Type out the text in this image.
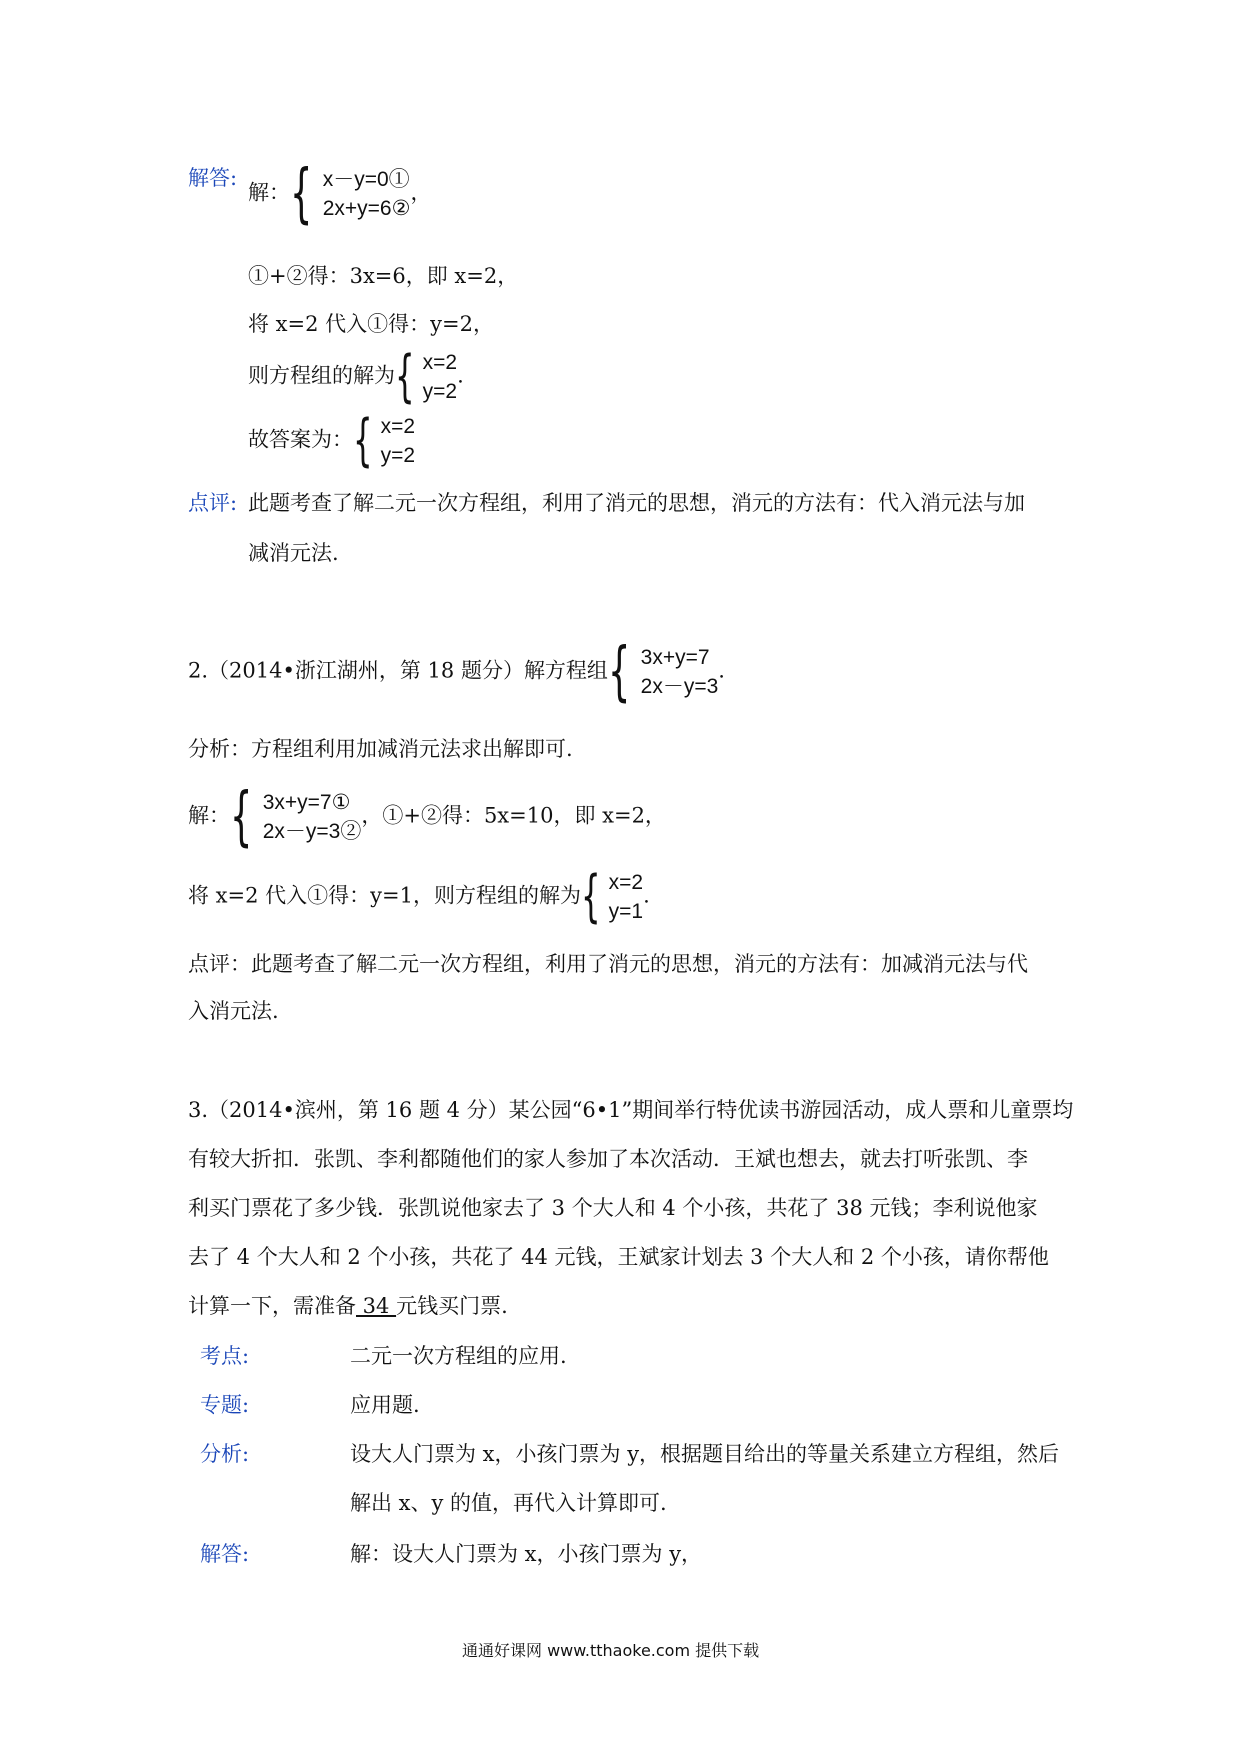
解答:
解： { x－y=0①
2x+y=6②
，
①+②得：3x=6，即 x=2，
将 x=2 代入①得：y=2，
则方程组的解为 { x=2
y=2
.
故答案为： { x=2
y=2
点评: 此题考查了解二元一次方程组，利用了消元的思想，消元的方法有：代入消元法与加
减消元法.
2.（2014•浙江湖州，第 18 题分）解方程组 { 3x+y=7
2x－y=3
.
分析：方程组利用加减消元法求出解即可.
解： { 3x+y=7①
2x－y=3②
，①+②得：5x=10，即 x=2，
将 x=2 代入①得：y=1，则方程组的解为 { x=2
y=1
.
点评：此题考查了解二元一次方程组，利用了消元的思想，消元的方法有：加减消元法与代
入消元法.
3.（2014•滨州，第 16 题 4 分）某公园“6•1”期间举行特优读书游园活动，成人票和儿童票均
有较大折扣．张凯、李利都随他们的家人参加了本次活动．王斌也想去，就去打听张凯、李
利买门票花了多少钱．张凯说他家去了 3 个大人和 4 个小孩，共花了 38 元钱；李利说他家
去了 4 个大人和 2 个小孩，共花了 44 元钱，王斌家计划去 3 个大人和 2 个小孩，请你帮他
计算一下，需准备 34 元钱买门票.
考点:	二元一次方程组的应用.
专题:	应用题.
分析:	设大人门票为 x，小孩门票为 y，根据题目给出的等量关系建立方程组，然后
解出 x、y 的值，再代入计算即可.
解答:	解：设大人门票为 x，小孩门票为 y，
通通好课网 www.tthaoke.com 提供下载
